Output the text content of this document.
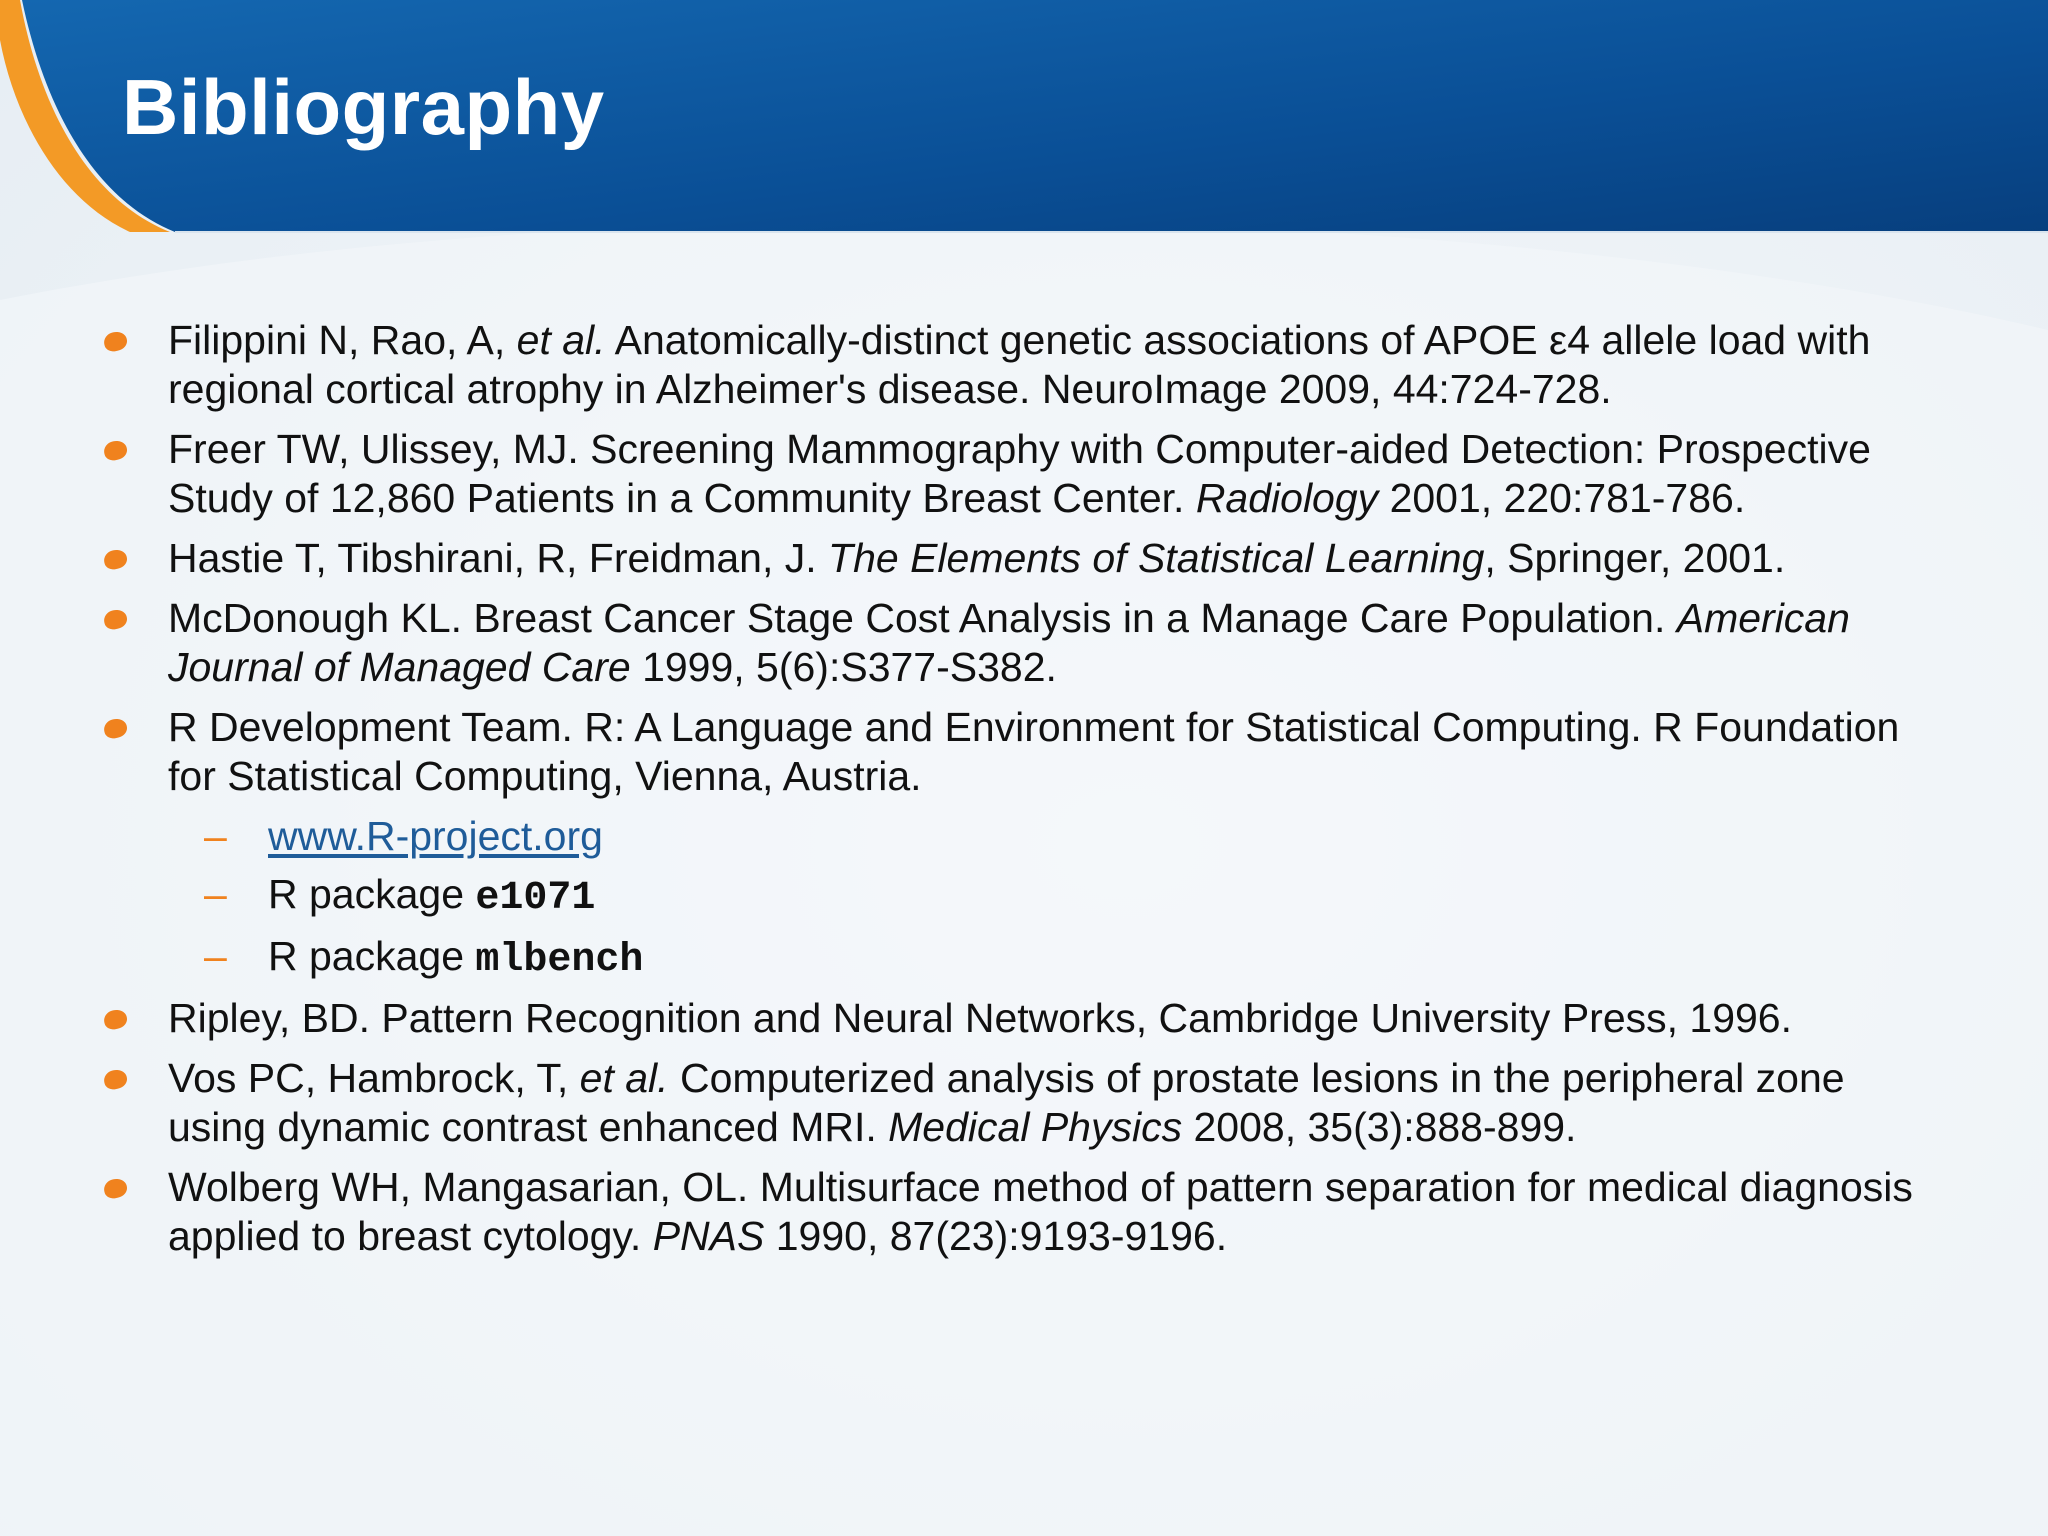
Bibliography
Filippini N, Rao, A, et al. Anatomically-distinct genetic associations of APOE ε4 allele load with regional cortical atrophy in Alzheimer's disease. NeuroImage 2009, 44:724-728.
Freer TW, Ulissey, MJ. Screening Mammography with Computer-aided Detection: Prospective Study of 12,860 Patients in a Community Breast Center. Radiology 2001, 220:781-786.
Hastie T, Tibshirani, R, Freidman, J. The Elements of Statistical Learning, Springer, 2001.
McDonough KL. Breast Cancer Stage Cost Analysis in a Manage Care Population. American Journal of Managed Care 1999, 5(6):S377-S382.
R Development Team. R: A Language and Environment for Statistical Computing. R Foundation for Statistical Computing, Vienna, Austria.
– www.R-project.org
– R package e1071
– R package mlbench
Ripley, BD. Pattern Recognition and Neural Networks, Cambridge University Press, 1996.
Vos PC, Hambrock, T, et al. Computerized analysis of prostate lesions in the peripheral zone using dynamic contrast enhanced MRI. Medical Physics 2008, 35(3):888-899.
Wolberg WH, Mangasarian, OL. Multisurface method of pattern separation for medical diagnosis applied to breast cytology. PNAS 1990, 87(23):9193-9196.
